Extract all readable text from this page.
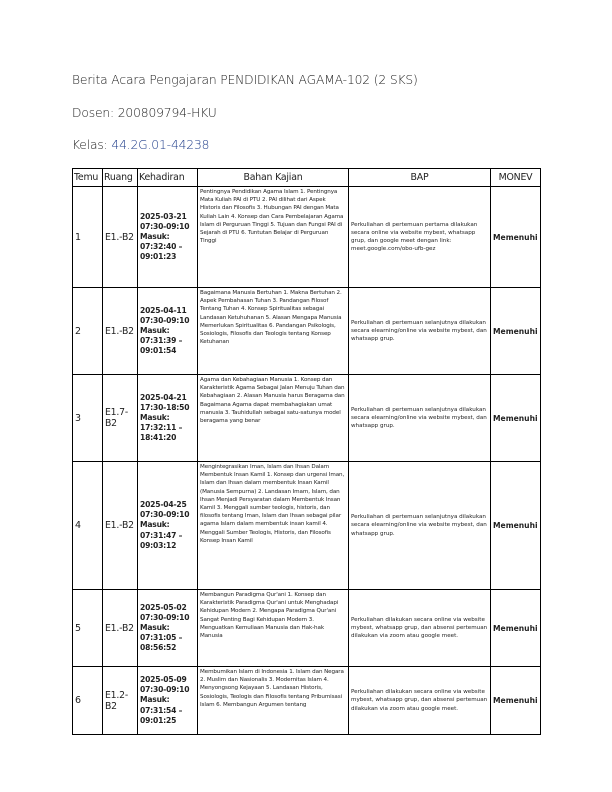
Berita Acara Pengajaran PENDIDIKAN AGAMA-102 (2 SKS)
Dosen: 200809794-HKU
Kelas: 44.2G.01-44238
Temu	Ruang	Kehadiran	Bahan Kajian	BAP	MONEV
1	E1.-B2	2025-03-21 07:30-09:10 Masuk: 07:32:40 – 09:01:23	Pentingnya Pendidikan Agama Islam 1. Pentingnya Mata Kuliah PAI di PTU 2. PAI dilihat dari Aspek Historis dan Filosofis 3. Hubungan PAI dengan Mata Kuliah Lain 4. Konsep dan Cara Pembelajaran Agama Islam di Perguruan Tinggi 5. Tujuan dan Fungsi PAI di Sejarah di PTU 6. Tuntutan Belajar di Perguruan Tinggi	Perkuliahan di pertemuan pertama dilakukan secara online via website mybest, whatsapp grup, dan google meet dengan link: meet.google.com/obo-ufb-gez	Memenuhi
2	E1.-B2	2025-04-11 07:30-09:10 Masuk: 07:31:39 – 09:01:54	Bagaimana Manusia Bertuhan 1. Makna Bertuhan 2. Aspek Pembahasan Tuhan 3. Pandangan Filosof Tentang Tuhan 4. Konsep Spiritualitas sebagai Landasan Ketuhuhanan 5. Alasan Mengapa Manusia Memerlukan Spiritualitas 6. Pandangan Psikologis, Sosiologis, Filosofis dan Teologis tentang Konsep Ketuhanan	Perkuliahan di pertemuan selanjutnya dilakukan secara elearning/online via website mybest, dan whatsapp grup.	Memenuhi
3	E1.7-B2	2025-04-21 17:30-18:50 Masuk: 17:32:11 – 18:41:20	Agama dan Kebahagiaan Manusia 1. Konsep dan Karakteristik Agama Sebagai Jalan Menuju Tuhan dan Kebahagiaan 2. Alasan Manusia harus Beragama dan Bagaimana Agama dapat membahagiakan umat manusia 3. Tauhidullah sebagai satu-satunya model beragama yang benar	Perkuliahan di pertemuan selanjutnya dilakukan secara elearning/online via website mybest, dan whatsapp grup.	Memenuhi
4	E1.-B2	2025-04-25 07:30-09:10 Masuk: 07:31:47 – 09:03:12	Mengintegrasikan Iman, Islam dan Ihsan Dalam Membentuk Insan Kamil 1. Konsep dan urgensi Iman, Islam dan Ihsan dalam membentuk Insan Kamil (Manusia Sempurna) 2. Landasan Imam, Islam, dan Ihsan Menjadi Persyaratan dalam Membentuk Insan Kamil 3. Menggali sumber teologis, historis, dan filosofis tentang Iman, Islam dan Ihsan sebagai pilar agama Islam dalam membentuk insan kamil 4. Menggali Sumber Teologis, Historis, dan Filosofis Konsep Insan Kamil	Perkuliahan di pertemuan selanjutnya dilakukan secara elearning/online via website mybest, dan whatsapp grup.	Memenuhi
5	E1.-B2	2025-05-02 07:30-09:10 Masuk: 07:31:05 – 08:56:52	Membangun Paradigma Qur'ani 1. Konsep dan Karakteristik Paradigma Qur'ani untuk Menghadapi Kehidupan Modern 2. Mengapa Paradigma Qur'ani Sangat Penting Bagi Kehidupan Modern 3. Menguatkan Kemuliaan Manusia dan Hak-hak Manusia	Perkuliahan dilakukan secara online via website mybest, whatsapp grup, dan absensi pertemuan dilakukan via zoom atau google meet.	Memenuhi
6	E1.2-B2	2025-05-09 07:30-09:10 Masuk: 07:31:54 – 09:01:25	Membumikan Islam di Indonesia 1. Islam dan Negara 2. Muslim dan Nasionalis 3. Modernitas Islam 4. Menyongsong Kejayaan 5. Landasan Historis, Sosiologis, Teologis dan Filosofis tentang Pribumisasi Islam 6. Membangun Argumen tentang	Perkuliahan dilakukan secara online via website mybest, whatsapp grup, dan absensi pertemuan dilakukan via zoom atau google meet.	Memenuhi
